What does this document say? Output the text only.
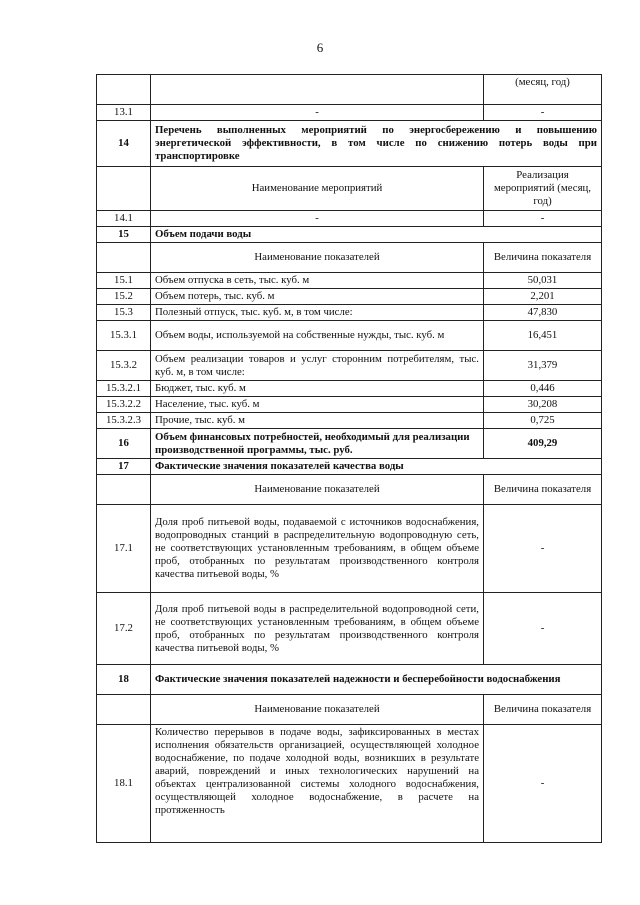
6
		(месяц, год)
13.1	-	-
14	Перечень выполненных мероприятий по энергосбережению и повышению энергетической эффективности, в том числе по снижению потерь воды при транспортировке	
	Наименование мероприятий	Реализация мероприятий (месяц, год)
14.1	-	-
15	Объем подачи воды	
	Наименование показателей	Величина показателя
15.1	Объем отпуска в сеть, тыс. куб. м	50,031
15.2	Объем потерь, тыс. куб. м	2,201
15.3	Полезный отпуск, тыс. куб. м, в том числе:	47,830
15.3.1	Объем воды, используемой на собственные нужды, тыс. куб. м	16,451
15.3.2	Объем реализации товаров и услуг сторонним потребителям, тыс. куб. м, в том числе:	31,379
15.3.2.1	Бюджет, тыс. куб. м	0,446
15.3.2.2	Население, тыс. куб. м	30,208
15.3.2.3	Прочие, тыс. куб. м	0,725
16	Объем финансовых потребностей, необходимый для реализации производственной программы, тыс. руб.	409,29
17	Фактические значения показателей качества воды	
	Наименование показателей	Величина показателя
17.1	Доля проб питьевой воды, подаваемой с источников водоснабжения, водопроводных станций в распределительную водопроводную сеть, не соответствующих установленным требованиям, в общем объеме проб, отобранных по результатам производственного контроля качества питьевой воды, %	-
17.2	Доля проб питьевой воды в распределительной водопроводной сети, не соответствующих установленным требованиям, в общем объеме проб, отобранных по результатам производственного контроля качества питьевой воды, %	-
18	Фактические значения показателей надежности и бесперебойности водоснабжения	
	Наименование показателей	Величина показателя
18.1	Количество перерывов в подаче воды, зафиксированных в местах исполнения обязательств организацией, осуществляющей холодное водоснабжение, по подаче холодной воды, возникших в результате аварий, повреждений и иных технологических нарушений на объектах централизованной системы холодного водоснабжения, осуществляющей холодное водоснабжение, в расчете на протяженность	-
